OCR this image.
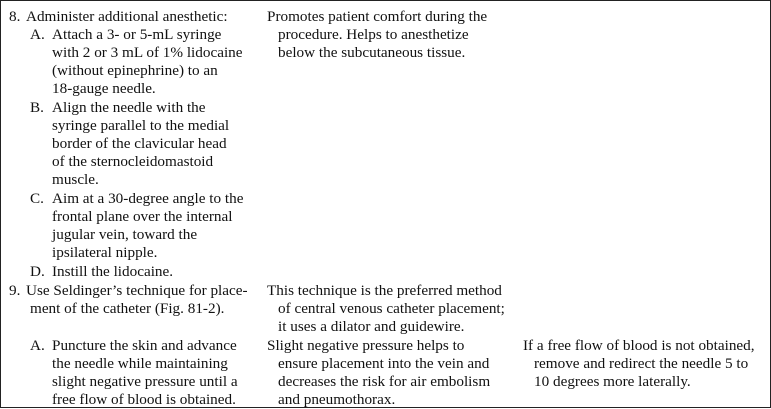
8. Administer additional anesthetic:
A. Attach a 3- or 5-mL syringe
with 2 or 3 mL of 1% lidocaine
(without epinephrine) to an
18-gauge needle.
B. Align the needle with the
syringe parallel to the medial
border of the clavicular head
of the sternocleidomastoid
muscle.
C. Aim at a 30-degree angle to the
frontal plane over the internal
jugular vein, toward the
ipsilateral nipple.
D. Instill the lidocaine.
Promotes patient comfort during the
procedure. Helps to anesthetize
below the subcutaneous tissue.
9. Use Seldinger’s technique for place-
ment of the catheter (Fig. 81-2).
This technique is the preferred method
of central venous catheter placement;
it uses a dilator and guidewire.
A. Puncture the skin and advance
the needle while maintaining
slight negative pressure until a
free flow of blood is obtained.
Slight negative pressure helps to
ensure placement into the vein and
decreases the risk for air embolism
and pneumothorax.
If a free flow of blood is not obtained,
remove and redirect the needle 5 to
10 degrees more laterally.
